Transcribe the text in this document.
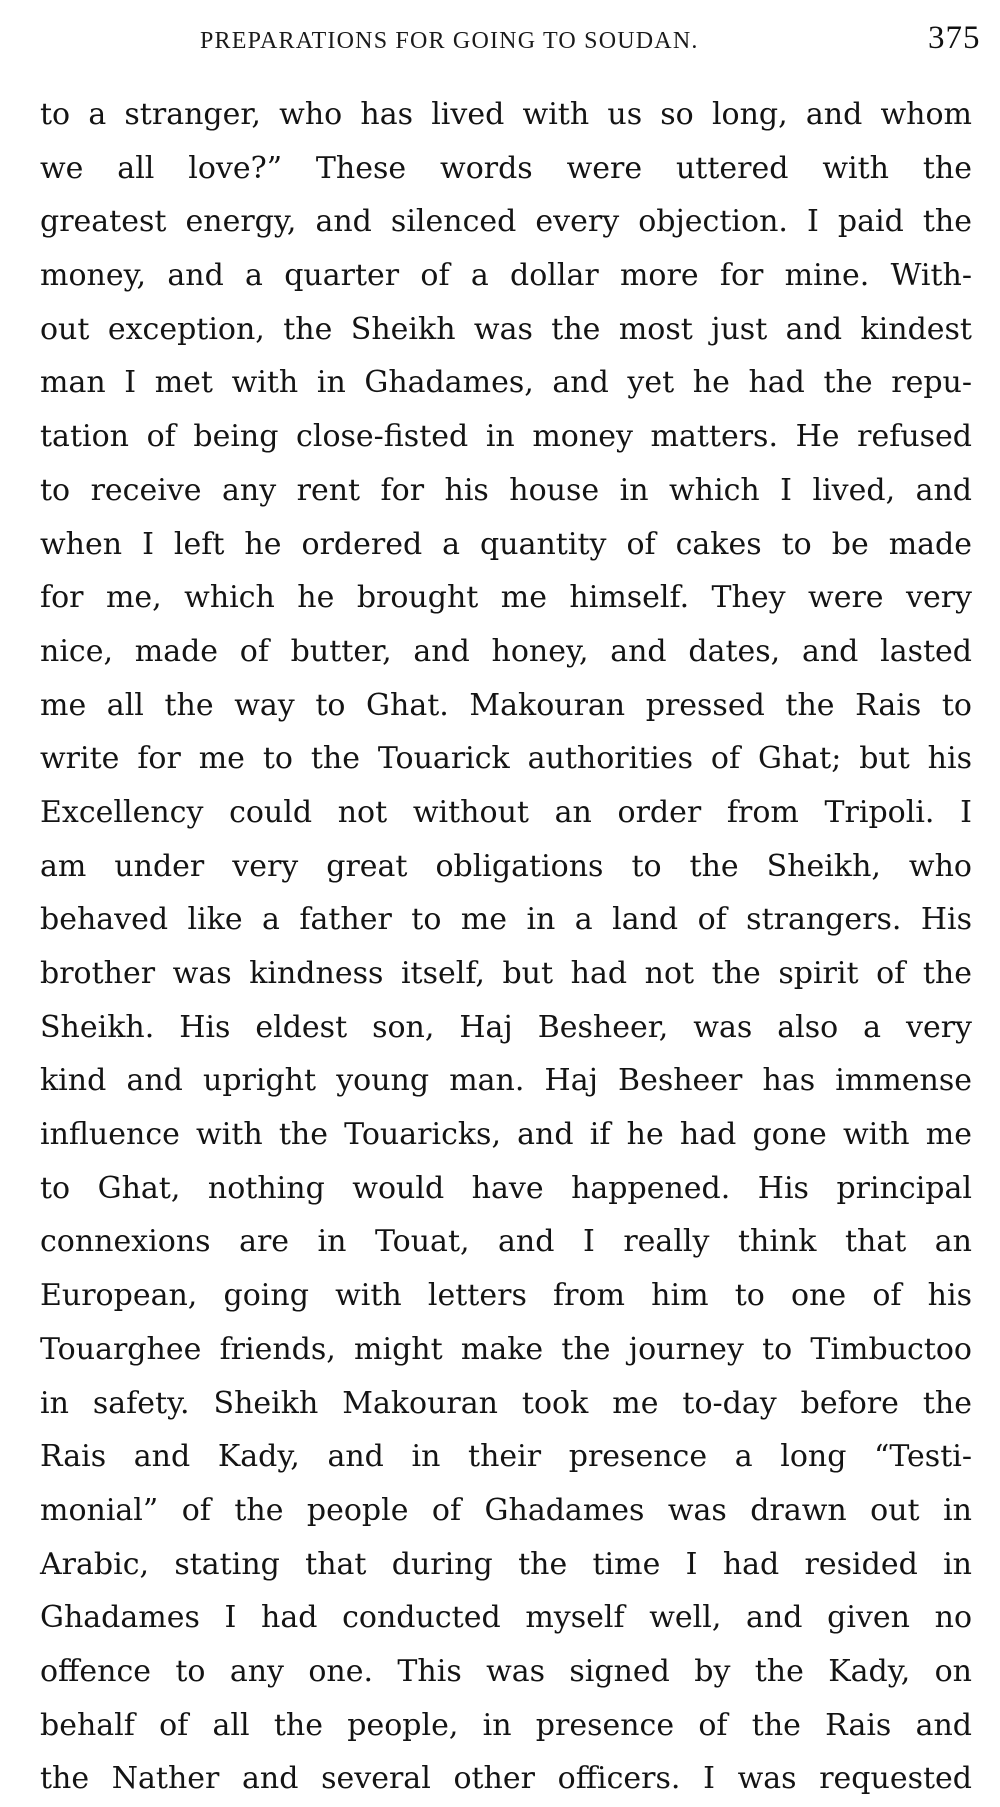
PREPARATIONS FOR GOING TO SOUDAN.	375
to a stranger, who has lived with us so long, and whom
we all love?” These words were uttered with the
greatest energy, and silenced every objection. I paid the
money, and a quarter of a dollar more for mine. With-
out exception, the Sheikh was the most just and kindest
man I met with in Ghadames, and yet he had the repu-
tation of being close-fisted in money matters. He refused
to receive any rent for his house in which I lived, and
when I left he ordered a quantity of cakes to be made
for me, which he brought me himself. They were very
nice, made of butter, and honey, and dates, and lasted
me all the way to Ghat. Makouran pressed the Rais to
write for me to the Touarick authorities of Ghat; but his
Excellency could not without an order from Tripoli. I
am under very great obligations to the Sheikh, who
behaved like a father to me in a land of strangers. His
brother was kindness itself, but had not the spirit of the
Sheikh. His eldest son, Haj Besheer, was also a very
kind and upright young man. Haj Besheer has immense
influence with the Touaricks, and if he had gone with me
to Ghat, nothing would have happened. His principal
connexions are in Touat, and I really think that an
European, going with letters from him to one of his
Touarghee friends, might make the journey to Timbuctoo
in safety. Sheikh Makouran took me to-day before the
Rais and Kady, and in their presence a long “Testi-
monial” of the people of Ghadames was drawn out in
Arabic, stating that during the time I had resided in
Ghadames I had conducted myself well, and given no
offence to any one. This was signed by the Kady, on
behalf of all the people, in presence of the Rais and
the Nather and several other officers. I was requested
